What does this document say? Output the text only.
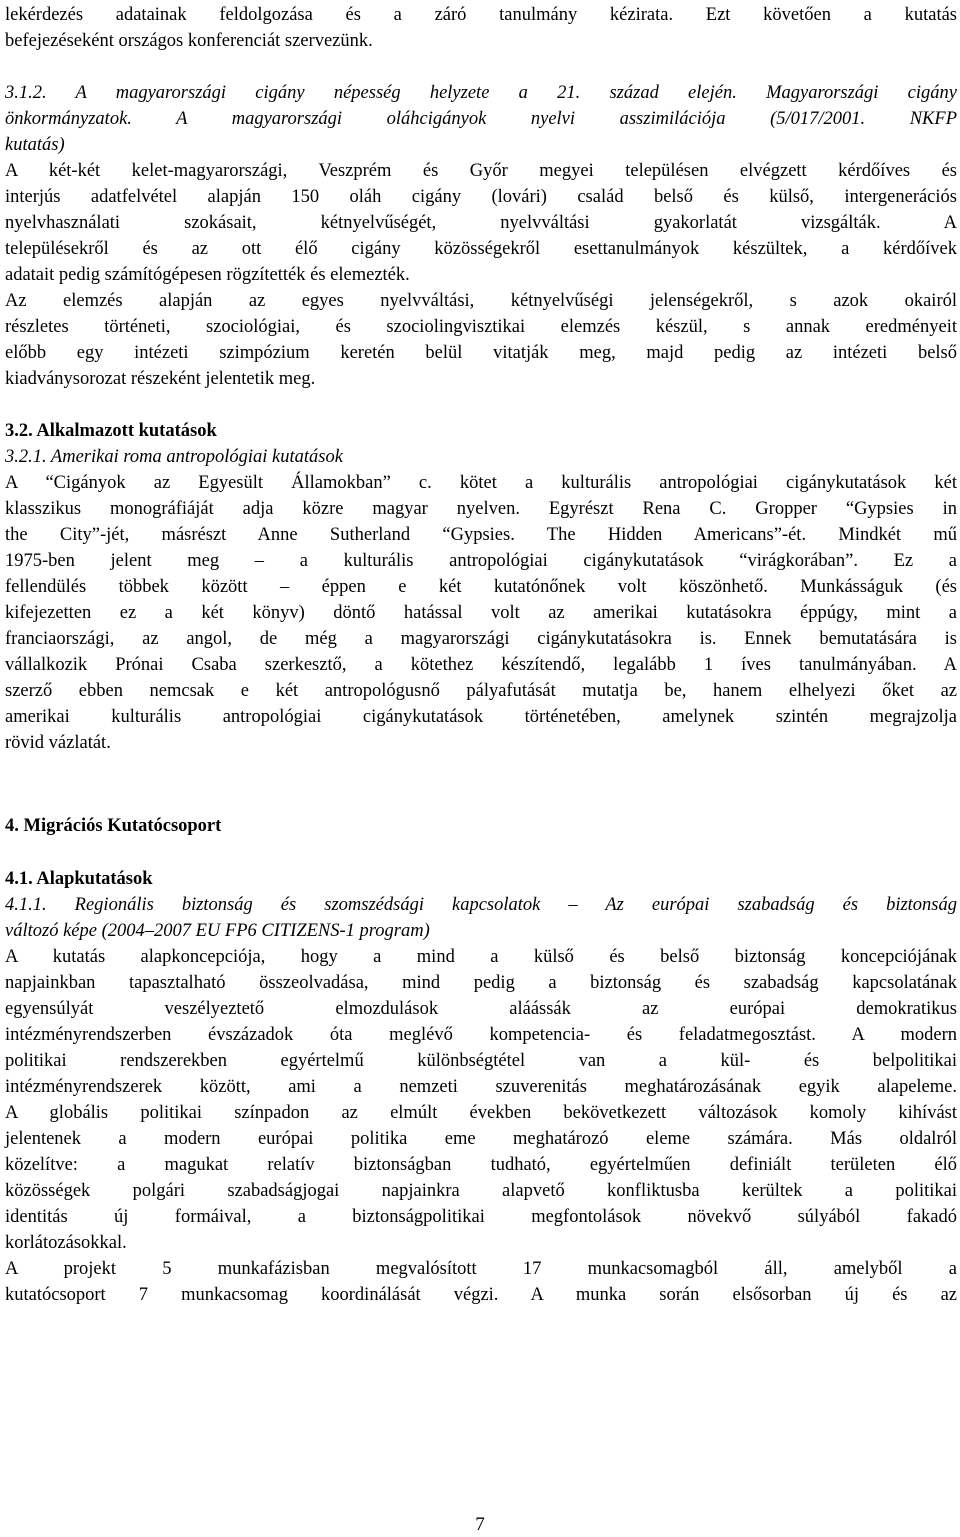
lekérdezés adatainak feldolgozása és a záró tanulmány kézirata. Ezt követően a kutatás
befejezéseként országos konferenciát szervezünk.
3.1.2. A magyarországi cigány népesség helyzete a 21. század elején. Magyarországi cigány
önkormányzatok. A magyarországi oláhcigányok nyelvi asszimilációja (5/017/2001. NKFP
kutatás)
A két-két kelet-magyarországi, Veszprém és Győr megyei településen elvégzett kérdőíves és
interjús adatfelvétel alapján 150 oláh cigány (lovári) család belső és külső, intergenerációs
nyelvhasználati szokásait, kétnyelvűségét, nyelvváltási gyakorlatát vizsgálták. A
településekről és az ott élő cigány közösségekről esettanulmányok készültek, a kérdőívek
adatait pedig számítógépesen rögzítették és elemezték.
Az elemzés alapján az egyes nyelvváltási, kétnyelvűségi jelenségekről, s azok okairól
részletes történeti, szociológiai, és szociolingvisztikai elemzés készül, s annak eredményeit
előbb egy intézeti szimpózium keretén belül vitatják meg, majd pedig az intézeti belső
kiadványsorozat részeként jelentetik meg.
3.2. Alkalmazott kutatások
3.2.1. Amerikai roma antropológiai kutatások
A “Cigányok az Egyesült Államokban” c. kötet a kulturális antropológiai cigánykutatások két
klasszikus monográfiáját adja közre magyar nyelven. Egyrészt Rena C. Gropper “Gypsies in
the City”-jét, másrészt Anne Sutherland “Gypsies. The Hidden Americans”-ét. Mindkét mű
1975-ben jelent meg – a kulturális antropológiai cigánykutatások “virágkorában”. Ez a
fellendülés többek között – éppen e két kutatónőnek volt köszönhető. Munkásságuk (és
kifejezetten ez a két könyv) döntő hatással volt az amerikai kutatásokra éppúgy, mint a
franciaországi, az angol, de még a magyarországi cigánykutatásokra is. Ennek bemutatására is
vállalkozik Prónai Csaba szerkesztő, a kötethez készítendő, legalább 1 íves tanulmányában. A
szerző ebben nemcsak e két antropológusnő pályafutását mutatja be, hanem elhelyezi őket az
amerikai kulturális antropológiai cigánykutatások történetében, amelynek szintén megrajzolja
rövid vázlatát.
4. Migrációs Kutatócsoport
4.1. Alapkutatások
4.1.1. Regionális biztonság és szomszédsági kapcsolatok – Az európai szabadság és biztonság
változó képe (2004–2007 EU FP6 CITIZENS-1 program)
A kutatás alapkoncepciója, hogy a mind a külső és belső biztonság koncepciójának
napjainkban tapasztalható összeolvadása, mind pedig a biztonság és szabadság kapcsolatának
egyensúlyát veszélyeztető elmozdulások aláássák az európai demokratikus
intézményrendszerben évszázadok óta meglévő kompetencia- és feladatmegosztást. A modern
politikai rendszerekben egyértelmű különbségtétel van a kül- és belpolitikai
intézményrendszerek között, ami a nemzeti szuverenitás meghatározásának egyik alapeleme.
A globális politikai színpadon az elmúlt években bekövetkezett változások komoly kihívást
jelentenek a modern európai politika eme meghatározó eleme számára. Más oldalról
közelítve: a magukat relatív biztonságban tudható, egyértelműen definiált területen élő
közösségek polgári szabadságjogai napjainkra alapvető konfliktusba kerültek a politikai
identitás új formáival, a biztonságpolitikai megfontolások növekvő súlyából fakadó
korlátozásokkal.
A projekt 5 munkafázisban megvalósított 17 munkacsomagból áll, amelyből a
kutatócsoport 7 munkacsomag koordinálását végzi. A munka során elsősorban új és az
7
